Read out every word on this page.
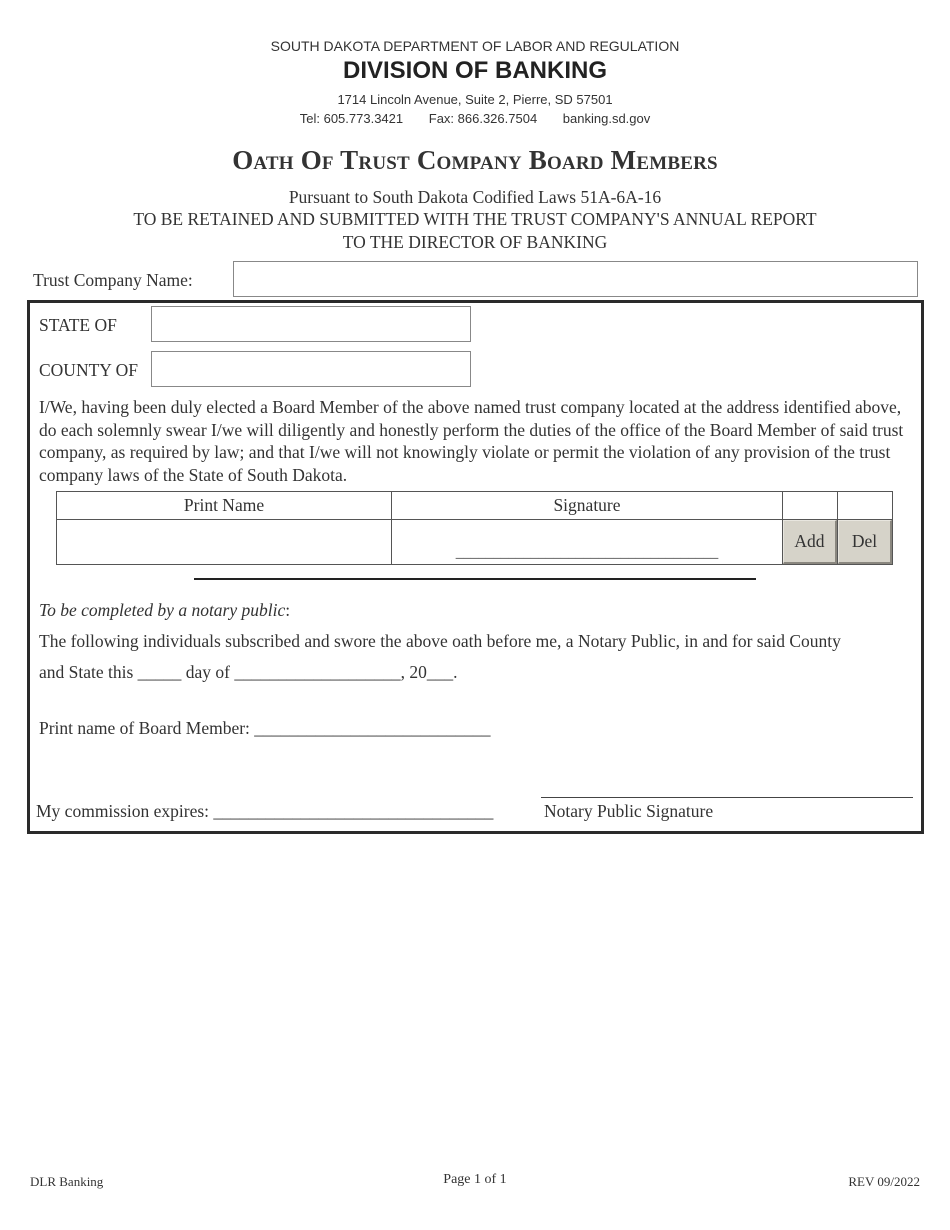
SOUTH DAKOTA DEPARTMENT OF LABOR AND REGULATION
DIVISION OF BANKING
1714 Lincoln Avenue, Suite 2, Pierre, SD 57501
Tel: 605.773.3421 Fax: 866.326.7504 banking.sd.gov
Oath Of Trust Company Board Members
Pursuant to South Dakota Codified Laws 51A-6A-16
TO BE RETAINED AND SUBMITTED WITH THE TRUST COMPANY'S ANNUAL REPORT
TO THE DIRECTOR OF BANKING
Trust Company Name:
STATE OF
COUNTY OF
I/We, having been duly elected a Board Member of the above named trust company located at the address identified above, do each solemnly swear I/we will diligently and honestly perform the duties of the office of the Board Member of said trust company, as required by law; and that I/we will not knowingly violate or permit the violation of any provision of the trust company laws of the State of South Dakota.
Print Name	Signature		
	___________________________________	Add	Del
To be completed by a notary public:
The following individuals subscribed and swore the above oath before me, a Notary Public, in and for said County
and State this _____ day of ___________________, 20___.
Print name of Board Member: ___________________________
My commission expires: ________________________________	Notary Public Signature
DLR Banking	Page 1 of 1	REV 09/2022
